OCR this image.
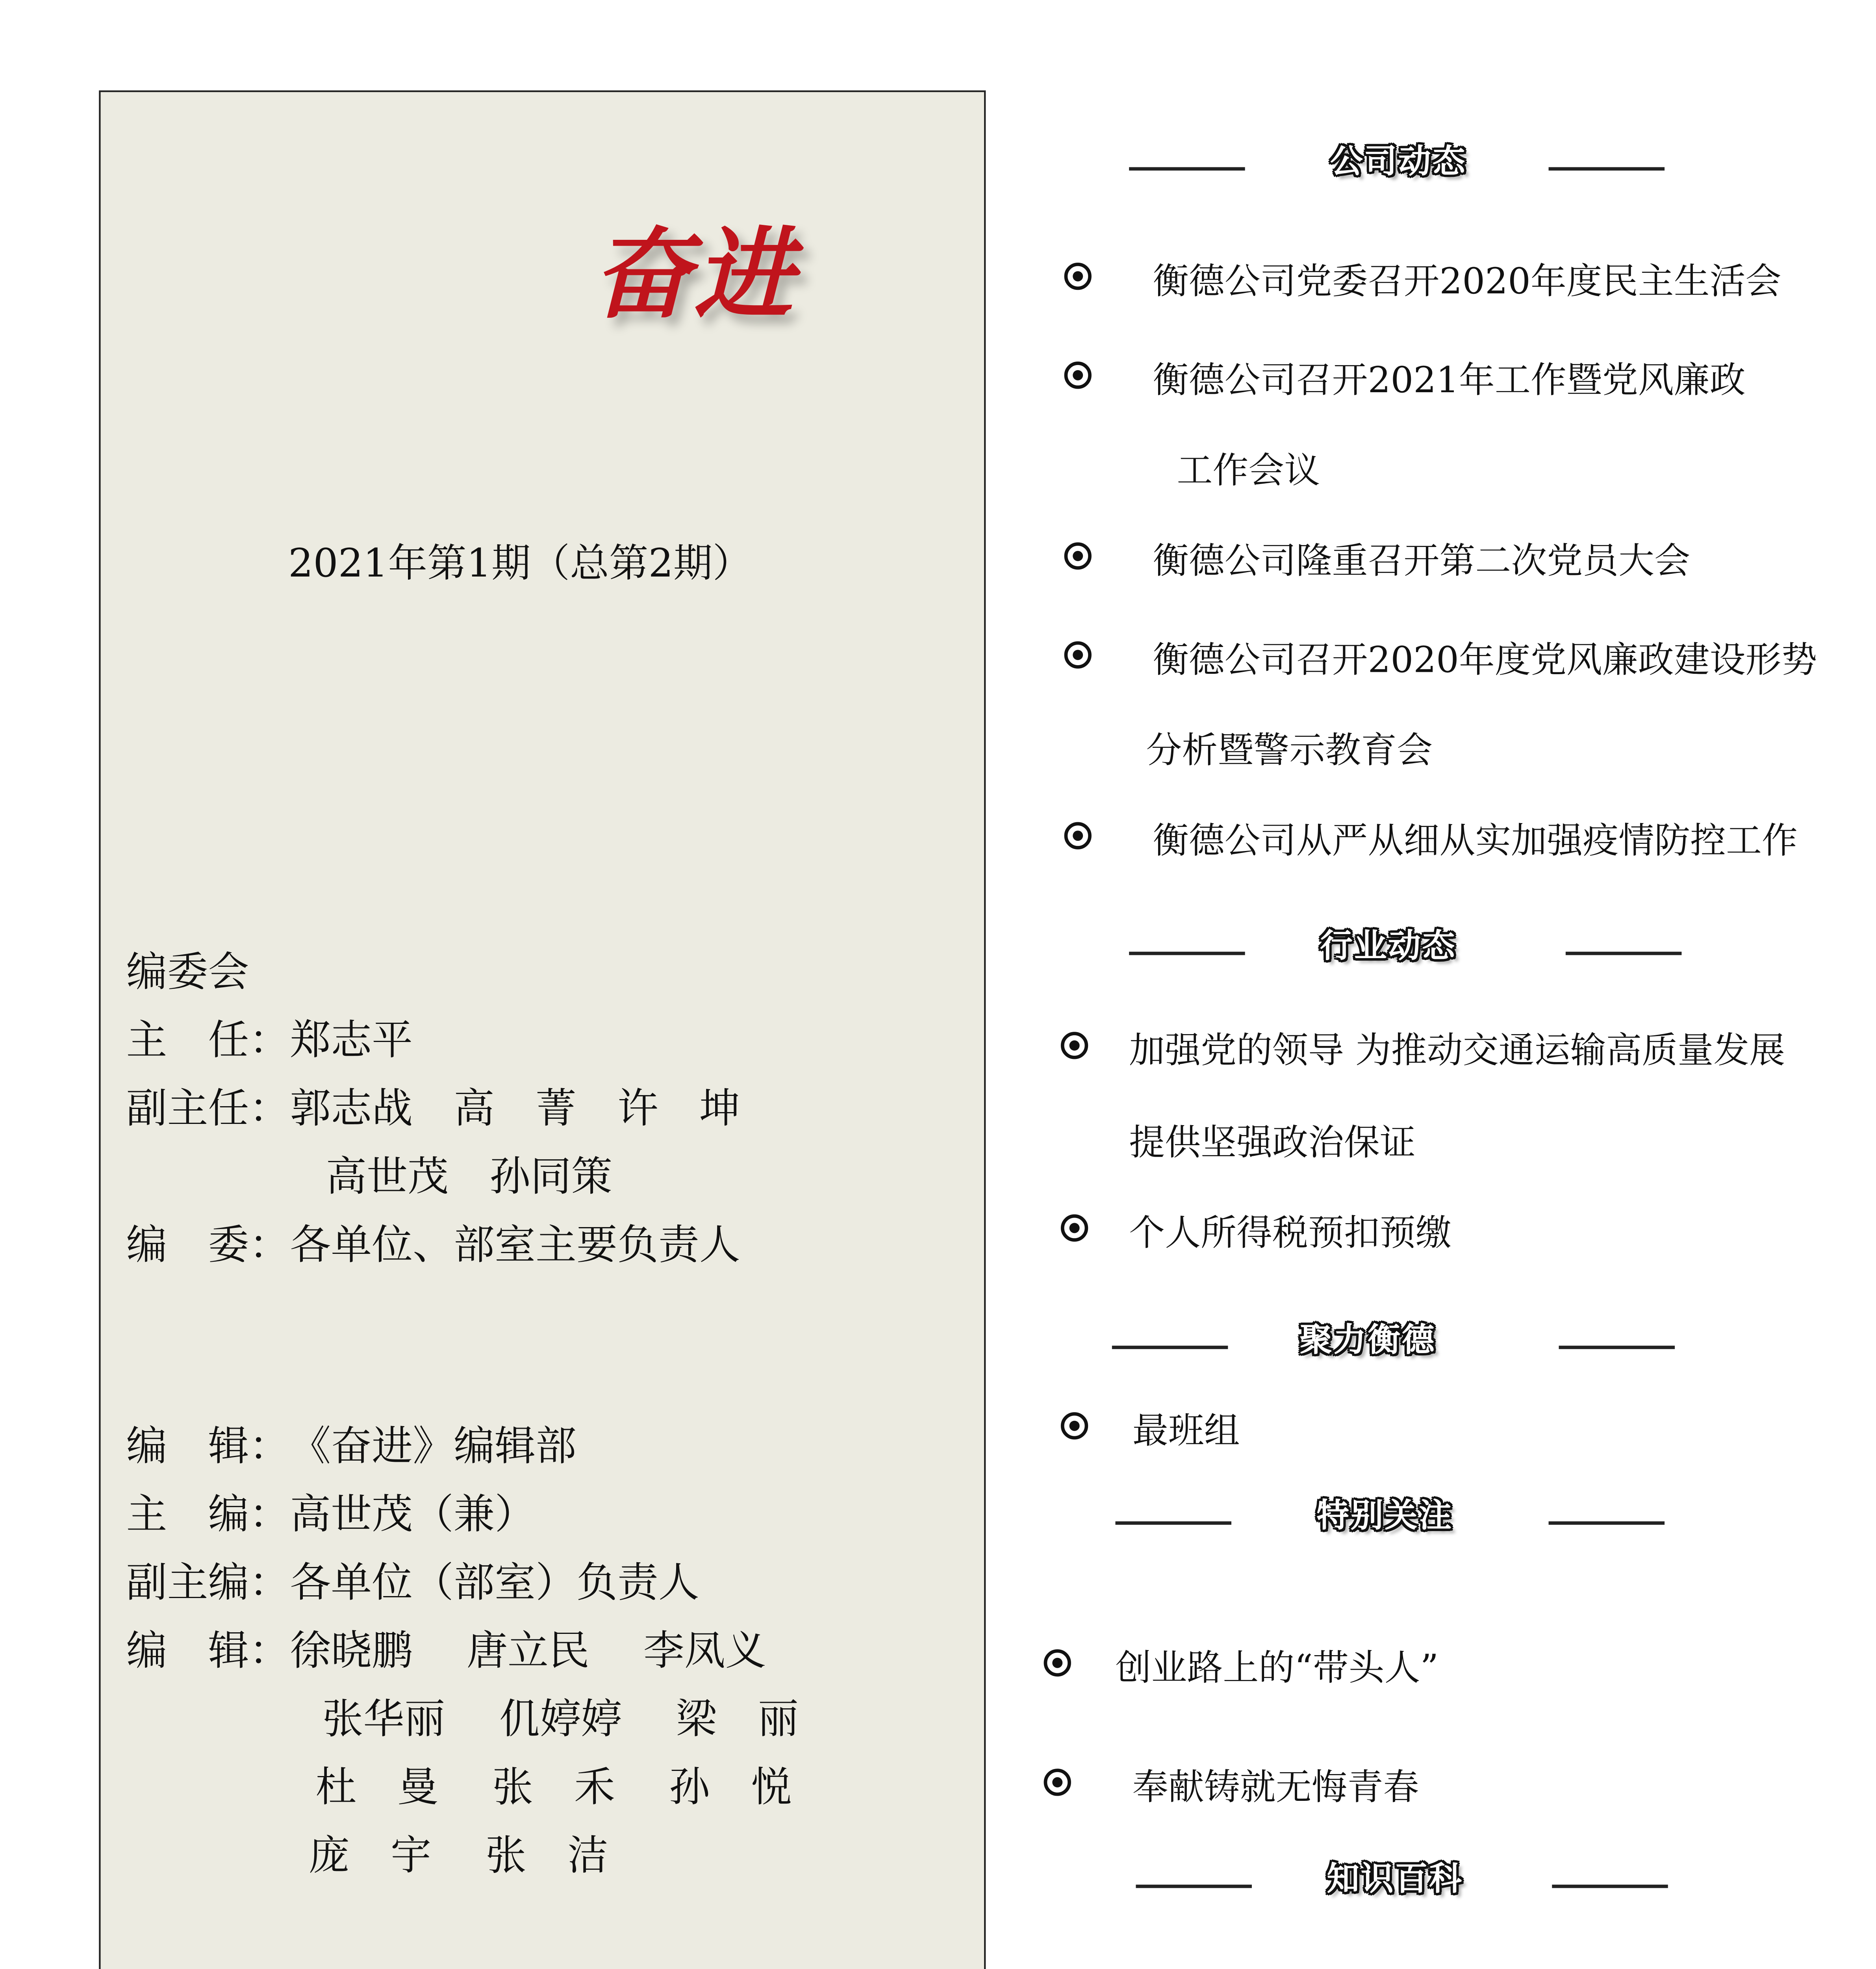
奋进
2021年第1期（总第2期）
编委会
主　任：郑志平
副主任：郭志战　高　菁　许　坤
高世茂　孙同策
编　委：各单位、部室主要负责人
编　辑：《奋进》编辑部
主　编：高世茂（兼）
副主编：各单位（部室）负责人
编　辑：徐晓鹏　 唐立民　 李凤义
张华丽　 仉婷婷　 梁　丽
杜　曼　 张　禾　 孙　悦
庞　宇　 张　洁
公司动态
衡德公司党委召开2020年度民主生活会
衡德公司召开2021年工作暨党风廉政
工作会议
衡德公司隆重召开第二次党员大会
衡德公司召开2020年度党风廉政建设形势
分析暨警示教育会
衡德公司从严从细从实加强疫情防控工作
行业动态
加强党的领导 为推动交通运输高质量发展
提供坚强政治保证
个人所得税预扣预缴
聚力衡德
最班组
特别关注
创业路上的“带头人”
奉献铸就无悔青春
知识百科
